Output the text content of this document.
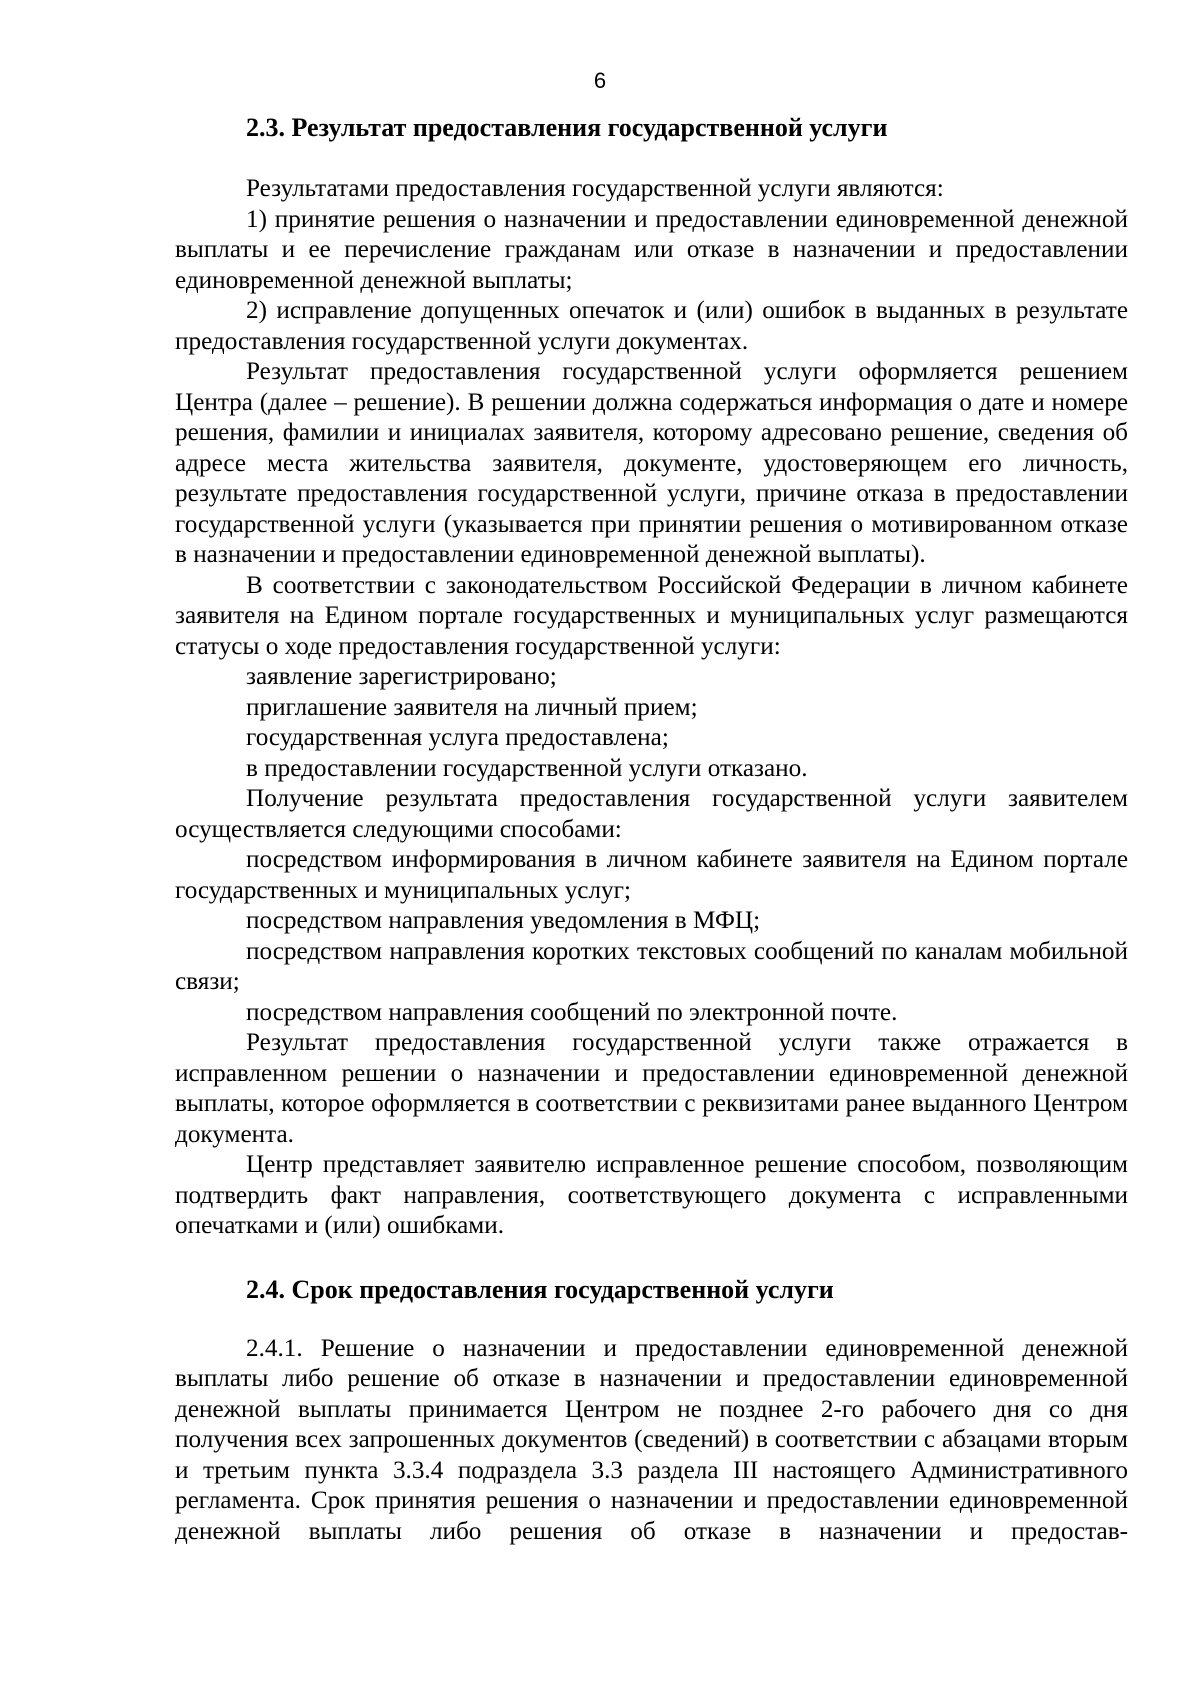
6
2.3. Результат предоставления государственной услуги

Результатами предоставления государственной услуги являются:

1) принятие решения о назначении и предоставлении единовременной денежной выплаты и ее перечисление гражданам или отказе в назначении и предоставлении единовременной денежной выплаты;

2) исправление допущенных опечаток и (или) ошибок в выданных в результате предоставления государственной услуги документах.

Результат предоставления государственной услуги оформляется решением Центра (далее – решение). В решении должна содержаться информация о дате и номере решения, фамилии и инициалах заявителя, которому адресовано решение, сведения об адресе места жительства заявителя, документе, удостоверяющем его личность, результате предоставления государственной услуги, причине отказа в предоставлении государственной услуги (указывается при принятии решения о мотивированном отказе в назначении и предоставлении единовременной денежной выплаты).

В соответствии с законодательством Российской Федерации в личном кабинете заявителя на Едином портале государственных и муниципальных услуг размещаются статусы о ходе предоставления государственной услуги:

заявление зарегистрировано;

приглашение заявителя на личный прием;

государственная услуга предоставлена;

в предоставлении государственной услуги отказано.

Получение результата предоставления государственной услуги заявителем осуществляется следующими способами:

посредством информирования в личном кабинете заявителя на Едином портале государственных и муниципальных услуг;

посредством направления уведомления в МФЦ;

посредством направления коротких текстовых сообщений по каналам мобильной связи;

посредством направления сообщений по электронной почте.

Результат предоставления государственной услуги также отражается в исправленном решении о назначении и предоставлении единовременной денежной выплаты, которое оформляется в соответствии с реквизитами ранее выданного Центром документа.

Центр представляет заявителю исправленное решение способом, позволяющим подтвердить факт направления, соответствующего документа с исправленными опечатками и (или) ошибками.

2.4. Срок предоставления государственной услуги

2.4.1. Решение о назначении и предоставлении единовременной денежной выплаты либо решение об отказе в назначении и предоставлении единовременной денежной выплаты принимается Центром не позднее 2-го рабочего дня со дня получения всех запрошенных документов (сведений) в соответствии с абзацами вторым и третьим пункта 3.3.4 подраздела 3.3 раздела III настоящего Административного регламента. Срок принятия решения о назначении и предоставлении единовременной денежной выплаты либо решения об отказе в назначении и предостав-
